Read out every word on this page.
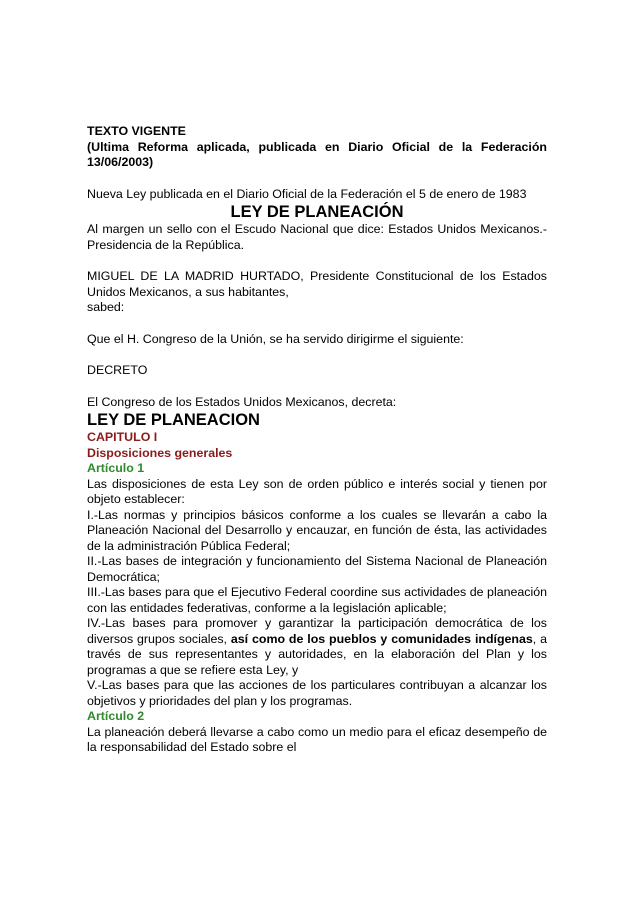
TEXTO VIGENTE

(Ultima Reforma aplicada, publicada en Diario Oficial de la Federación 13/06/2003)

Nueva Ley publicada en el Diario Oficial de la Federación el 5 de enero de 1983

LEY DE PLANEACIÓN

Al margen un sello con el Escudo Nacional que dice: Estados Unidos Mexicanos.- Presidencia de la República.

MIGUEL DE LA MADRID HURTADO, Presidente Constitucional de los Estados Unidos Mexicanos, a sus habitantes,

sabed:

Que el H. Congreso de la Unión, se ha servido dirigirme el siguiente:

DECRETO

El Congreso de los Estados Unidos Mexicanos, decreta:

LEY DE PLANEACION

CAPITULO I

Disposiciones generales

Artículo 1

Las disposiciones de esta Ley son de orden público e interés social y tienen por objeto establecer:

I.-Las normas y principios básicos conforme a los cuales se llevarán a cabo la Planeación Nacional del Desarrollo y encauzar, en función de ésta, las actividades de la administración Pública Federal;

II.-Las bases de integración y funcionamiento del Sistema Nacional de Planeación Democrática;

III.-Las bases para que el Ejecutivo Federal coordine sus actividades de planeación con las entidades federativas, conforme a la legislación aplicable;

IV.-Las bases para promover y garantizar la participación democrática de los diversos grupos sociales, así como de los pueblos y comunidades indígenas, a través de sus representantes y autoridades, en la elaboración del Plan y los programas a que se refiere esta Ley, y

V.-Las bases para que las acciones de los particulares contribuyan a alcanzar los objetivos y prioridades del plan y los programas.

Artículo 2

La planeación deberá llevarse a cabo como un medio para el eficaz desempeño de la responsabilidad del Estado sobre el
